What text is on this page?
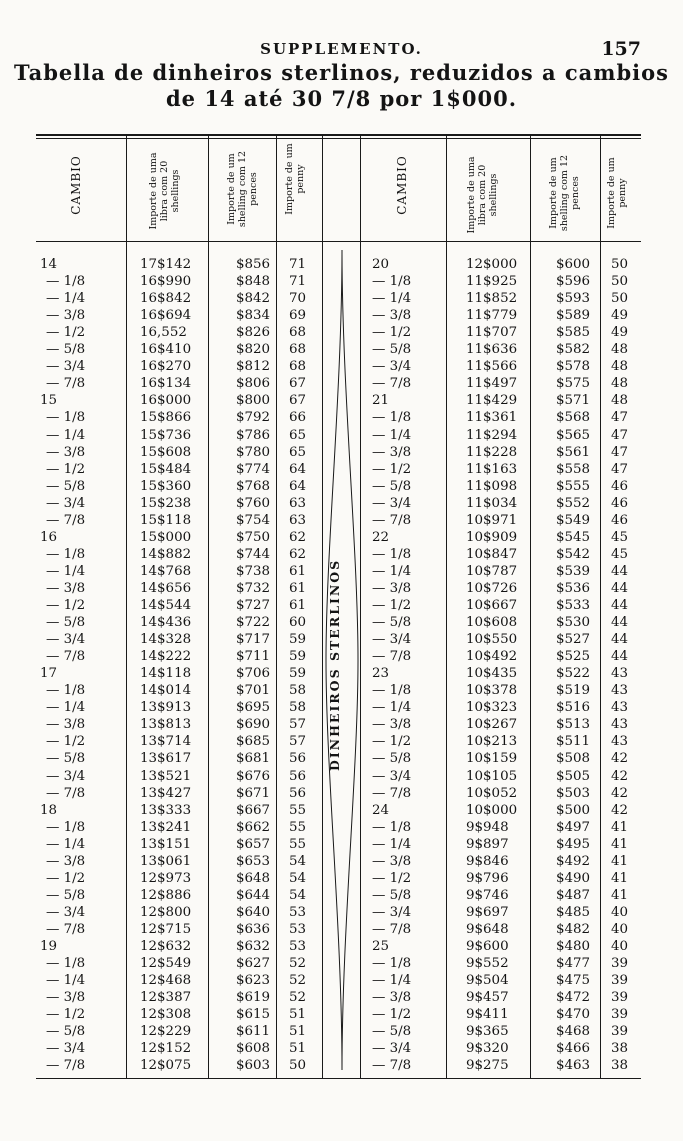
SUPPLEMENTO.	157
Tabella de dinheiros sterlinos, reduzidos a cambios
de 14 até 30 7/8 por 1$000.
CAMBIO	Importe de uma libra com 20 shellings	Importe de um shelling com 12 pences	Importe de um penny	CAMBIO	Importe de uma libra com 20 shellings	Importe de um shelling com 12 pences	Importe de um penny
DINHEIROS STERLINOS
14	17$142	$856 71
— 1/8	16$990	$848 71
— 1/4	16$842	$842 70
— 3/8	16$694	$834 69
— 1/2	16,552	$826 68
— 5/8	16$410	$820 68
— 3/4	16$270	$812 68
— 7/8	16$134	$806 67
15	16$000	$800 67
— 1/8	15$866	$792 66
— 1/4	15$736	$786 65
— 3/8	15$608	$780 65
— 1/2	15$484	$774 64
— 5/8	15$360	$768 64
— 3/4	15$238	$760 63
— 7/8	15$118	$754 63
16	15$000	$750 62
— 1/8	14$882	$744 62
— 1/4	14$768	$738 61
— 3/8	14$656	$732 61
— 1/2	14$544	$727 61
— 5/8	14$436	$722 60
— 3/4	14$328	$717 59
— 7/8	14$222	$711 59
17	14$118	$706 59
— 1/8	14$014	$701 58
— 1/4	13$913	$695 58
— 3/8	13$813	$690 57
— 1/2	13$714	$685 57
— 5/8	13$617	$681 56
— 3/4	13$521	$676 56
— 7/8	13$427	$671 56
18	13$333	$667 55
— 1/8	13$241	$662 55
— 1/4	13$151	$657 55
— 3/8	13$061	$653 54
— 1/2	12$973	$648 54
— 5/8	12$886	$644 54
— 3/4	12$800	$640 53
— 7/8	12$715	$636 53
19	12$632	$632 53
— 1/8	12$549	$627 52
— 1/4	12$468	$623 52
— 3/8	12$387	$619 52
— 1/2	12$308	$615 51
— 5/8	12$229	$611 51
— 3/4	12$152	$608 51
— 7/8	12$075	$603 50
20	12$000	$600 50
— 1/8	11$925	$596 50
— 1/4	11$852	$593 50
— 3/8	11$779	$589 49
— 1/2	11$707	$585 49
— 5/8	11$636	$582 48
— 3/4	11$566	$578 48
— 7/8	11$497	$575 48
21	11$429	$571 48
— 1/8	11$361	$568 47
— 1/4	11$294	$565 47
— 3/8	11$228	$561 47
— 1/2	11$163	$558 47
— 5/8	11$098	$555 46
— 3/4	11$034	$552 46
— 7/8	10$971	$549 46
22	10$909	$545 45
— 1/8	10$847	$542 45
— 1/4	10$787	$539 44
— 3/8	10$726	$536 44
— 1/2	10$667	$533 44
— 5/8	10$608	$530 44
— 3/4	10$550	$527 44
— 7/8	10$492	$525 44
23	10$435	$522 43
— 1/8	10$378	$519 43
— 1/4	10$323	$516 43
— 3/8	10$267	$513 43
— 1/2	10$213	$511 43
— 5/8	10$159	$508 42
— 3/4	10$105	$505 42
— 7/8	10$052	$503 42
24	10$000	$500 42
— 1/8	9$948	$497 41
— 1/4	9$897	$495 41
— 3/8	9$846	$492 41
— 1/2	9$796	$490 41
— 5/8	9$746	$487 41
— 3/4	9$697	$485 40
— 7/8	9$648	$482 40
25	9$600	$480 40
— 1/8	9$552	$477 39
— 1/4	9$504	$475 39
— 3/8	9$457	$472 39
— 1/2	9$411	$470 39
— 5/8	9$365	$468 39
— 3/4	9$320	$466 38
— 7/8	9$275	$463 38
